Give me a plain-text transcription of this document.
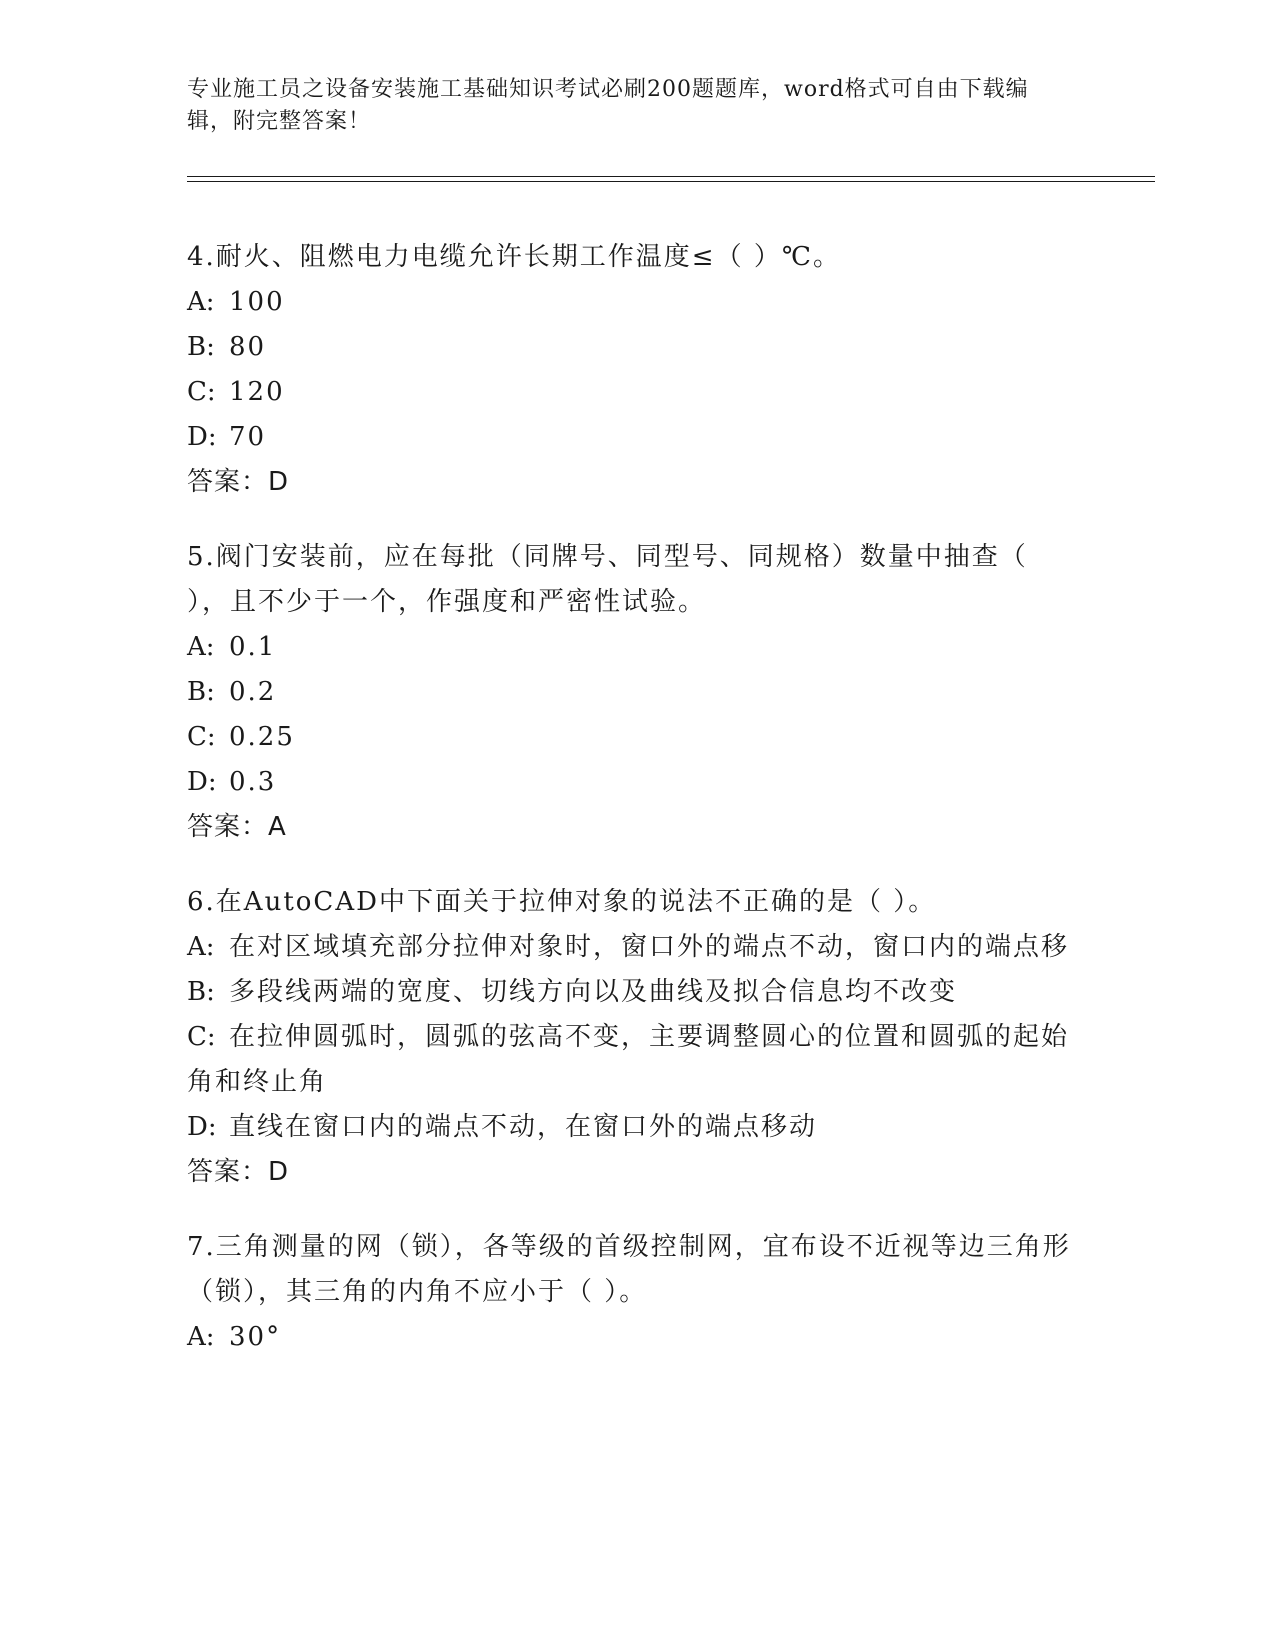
专业施工员之设备安装施工基础知识考试必刷200题题库，word格式可自由下载编辑，附完整答案！
4.耐火、阻燃电力电缆允许长期工作温度≤（ ）℃。
A: 100
B: 80
C: 120
D: 70
答案：D
5.阀门安装前，应在每批（同牌号、同型号、同规格）数量中抽查（ ），且不少于一个，作强度和严密性试验。
A: 0.1
B: 0.2
C: 0.25
D: 0.3
答案：A
6.在AutoCAD中下面关于拉伸对象的说法不正确的是（ ）。
A: 在对区域填充部分拉伸对象时，窗口外的端点不动，窗口内的端点移
B: 多段线两端的宽度、切线方向以及曲线及拟合信息均不改变
C: 在拉伸圆弧时，圆弧的弦高不变，主要调整圆心的位置和圆弧的起始角和终止角
D: 直线在窗口内的端点不动，在窗口外的端点移动
答案：D
7.三角测量的网（锁），各等级的首级控制网，宜布设不近视等边三角形（锁），其三角的内角不应小于（ ）。
A: 30°
